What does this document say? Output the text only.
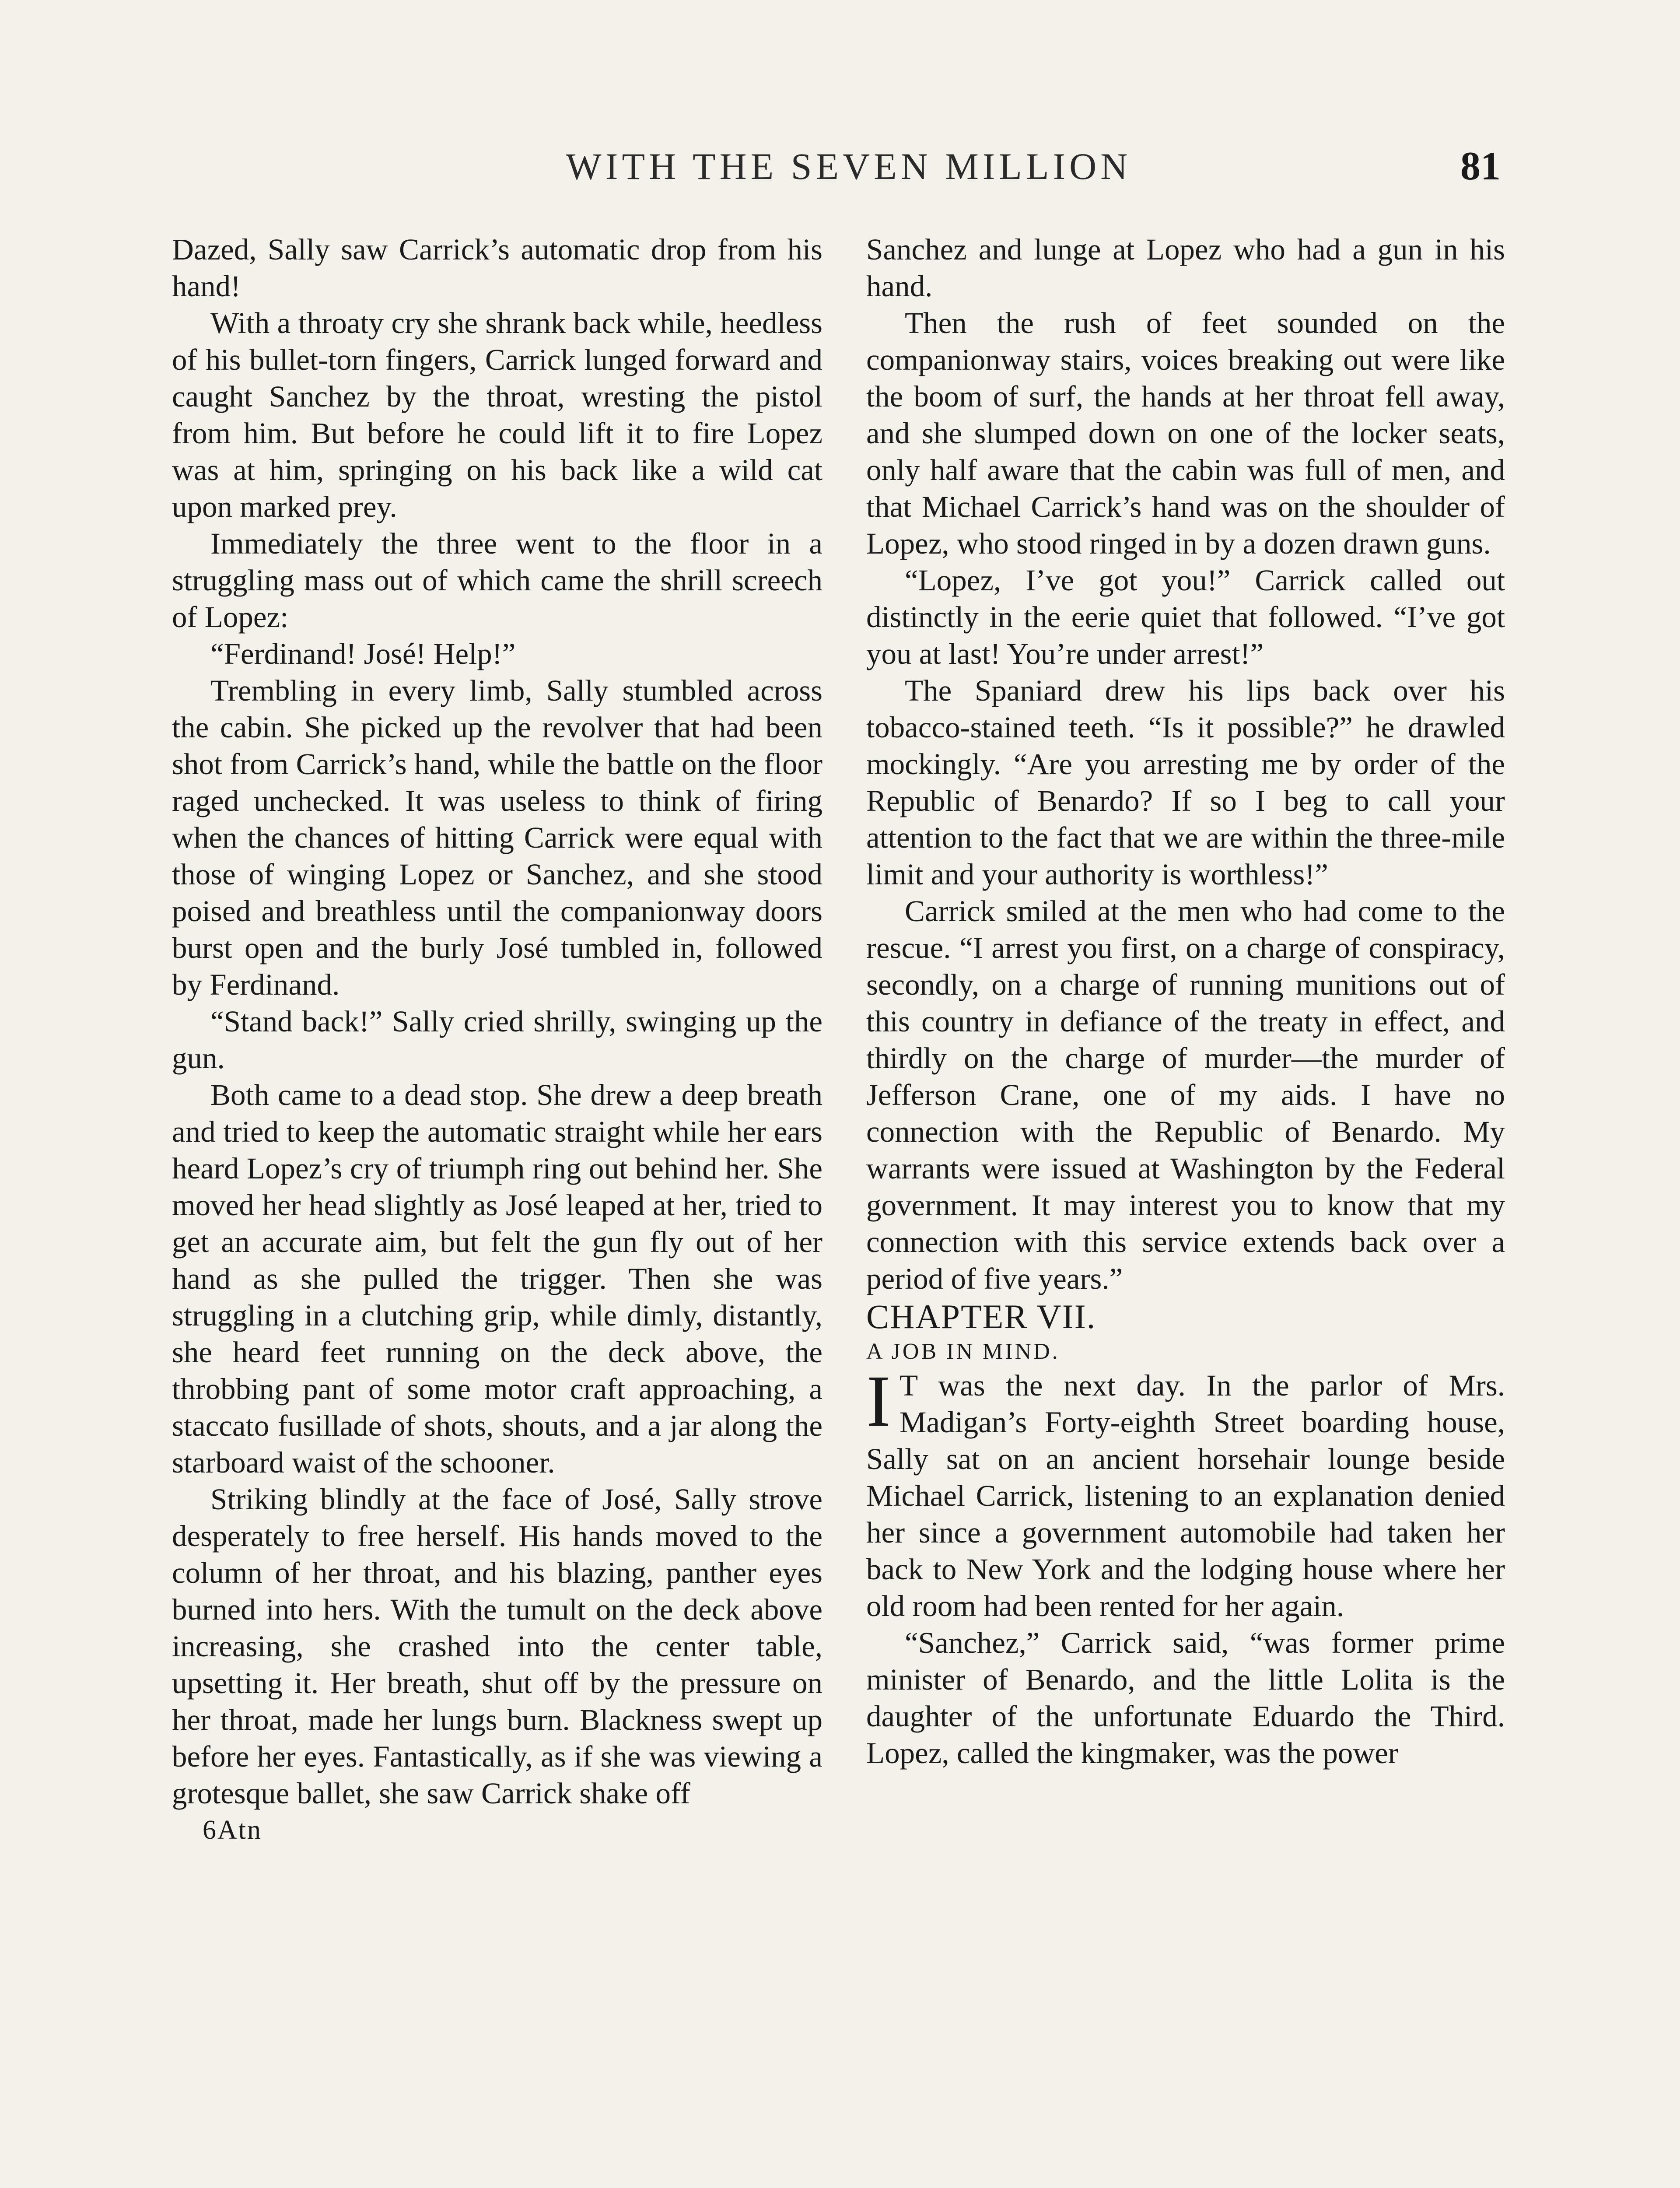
WITH THE SEVEN MILLION	81

Dazed, Sally saw Carrick’s automatic drop from his hand!

With a throaty cry she shrank back while, heedless of his bullet-torn fingers, Carrick lunged forward and caught Sanchez by the throat, wresting the pistol from him. But before he could lift it to fire Lopez was at him, springing on his back like a wild cat upon marked prey.

Immediately the three went to the floor in a struggling mass out of which came the shrill screech of Lopez:

“Ferdinand! José! Help!”

Trembling in every limb, Sally stumbled across the cabin. She picked up the revolver that had been shot from Carrick’s hand, while the battle on the floor raged unchecked. It was useless to think of firing when the chances of hitting Carrick were equal with those of winging Lopez or Sanchez, and she stood poised and breathless until the companionway doors burst open and the burly José tumbled in, followed by Ferdinand.

“Stand back!” Sally cried shrilly, swinging up the gun.

Both came to a dead stop. She drew a deep breath and tried to keep the automatic straight while her ears heard Lopez’s cry of triumph ring out behind her. She moved her head slightly as José leaped at her, tried to get an accurate aim, but felt the gun fly out of her hand as she pulled the trigger. Then she was struggling in a clutching grip, while dimly, distantly, she heard feet running on the deck above, the throbbing pant of some motor craft approaching, a staccato fusillade of shots, shouts, and a jar along the starboard waist of the schooner.

Striking blindly at the face of José, Sally strove desperately to free herself. His hands moved to the column of her throat, and his blazing, panther eyes burned into hers. With the tumult on the deck above increasing, she crashed into the center table, upsetting it. Her breath, shut off by the pressure on her throat, made her lungs burn. Blackness swept up before her eyes. Fantastically, as if she was viewing a grotesque ballet, she saw Carrick shake off

6Atn

Sanchez and lunge at Lopez who had a gun in his hand.

Then the rush of feet sounded on the companionway stairs, voices breaking out were like the boom of surf, the hands at her throat fell away, and she slumped down on one of the locker seats, only half aware that the cabin was full of men, and that Michael Carrick’s hand was on the shoulder of Lopez, who stood ringed in by a dozen drawn guns.

“Lopez, I’ve got you!” Carrick called out distinctly in the eerie quiet that followed. “I’ve got you at last! You’re under arrest!”

The Spaniard drew his lips back over his tobacco-stained teeth. “Is it possible?” he drawled mockingly. “Are you arresting me by order of the Republic of Benardo? If so I beg to call your attention to the fact that we are within the three-mile limit and your authority is worthless!”

Carrick smiled at the men who had come to the rescue. “I arrest you first, on a charge of conspiracy, secondly, on a charge of running munitions out of this country in defiance of the treaty in effect, and thirdly on the charge of murder—the murder of Jefferson Crane, one of my aids. I have no connection with the Republic of Benardo. My warrants were issued at Washington by the Federal government. It may interest you to know that my connection with this service extends back over a period of five years.”

CHAPTER VII.

A JOB IN MIND.

I T was the next day. In the parlor of Mrs. Madigan’s Forty-eighth Street boarding house, Sally sat on an ancient horsehair lounge beside Michael Carrick, listening to an explanation denied her since a government automobile had taken her back to New York and the lodging house where her old room had been rented for her again.

“Sanchez,” Carrick said, “was former prime minister of Benardo, and the little Lolita is the daughter of the unfortunate Eduardo the Third. Lopez, called the kingmaker, was the power
